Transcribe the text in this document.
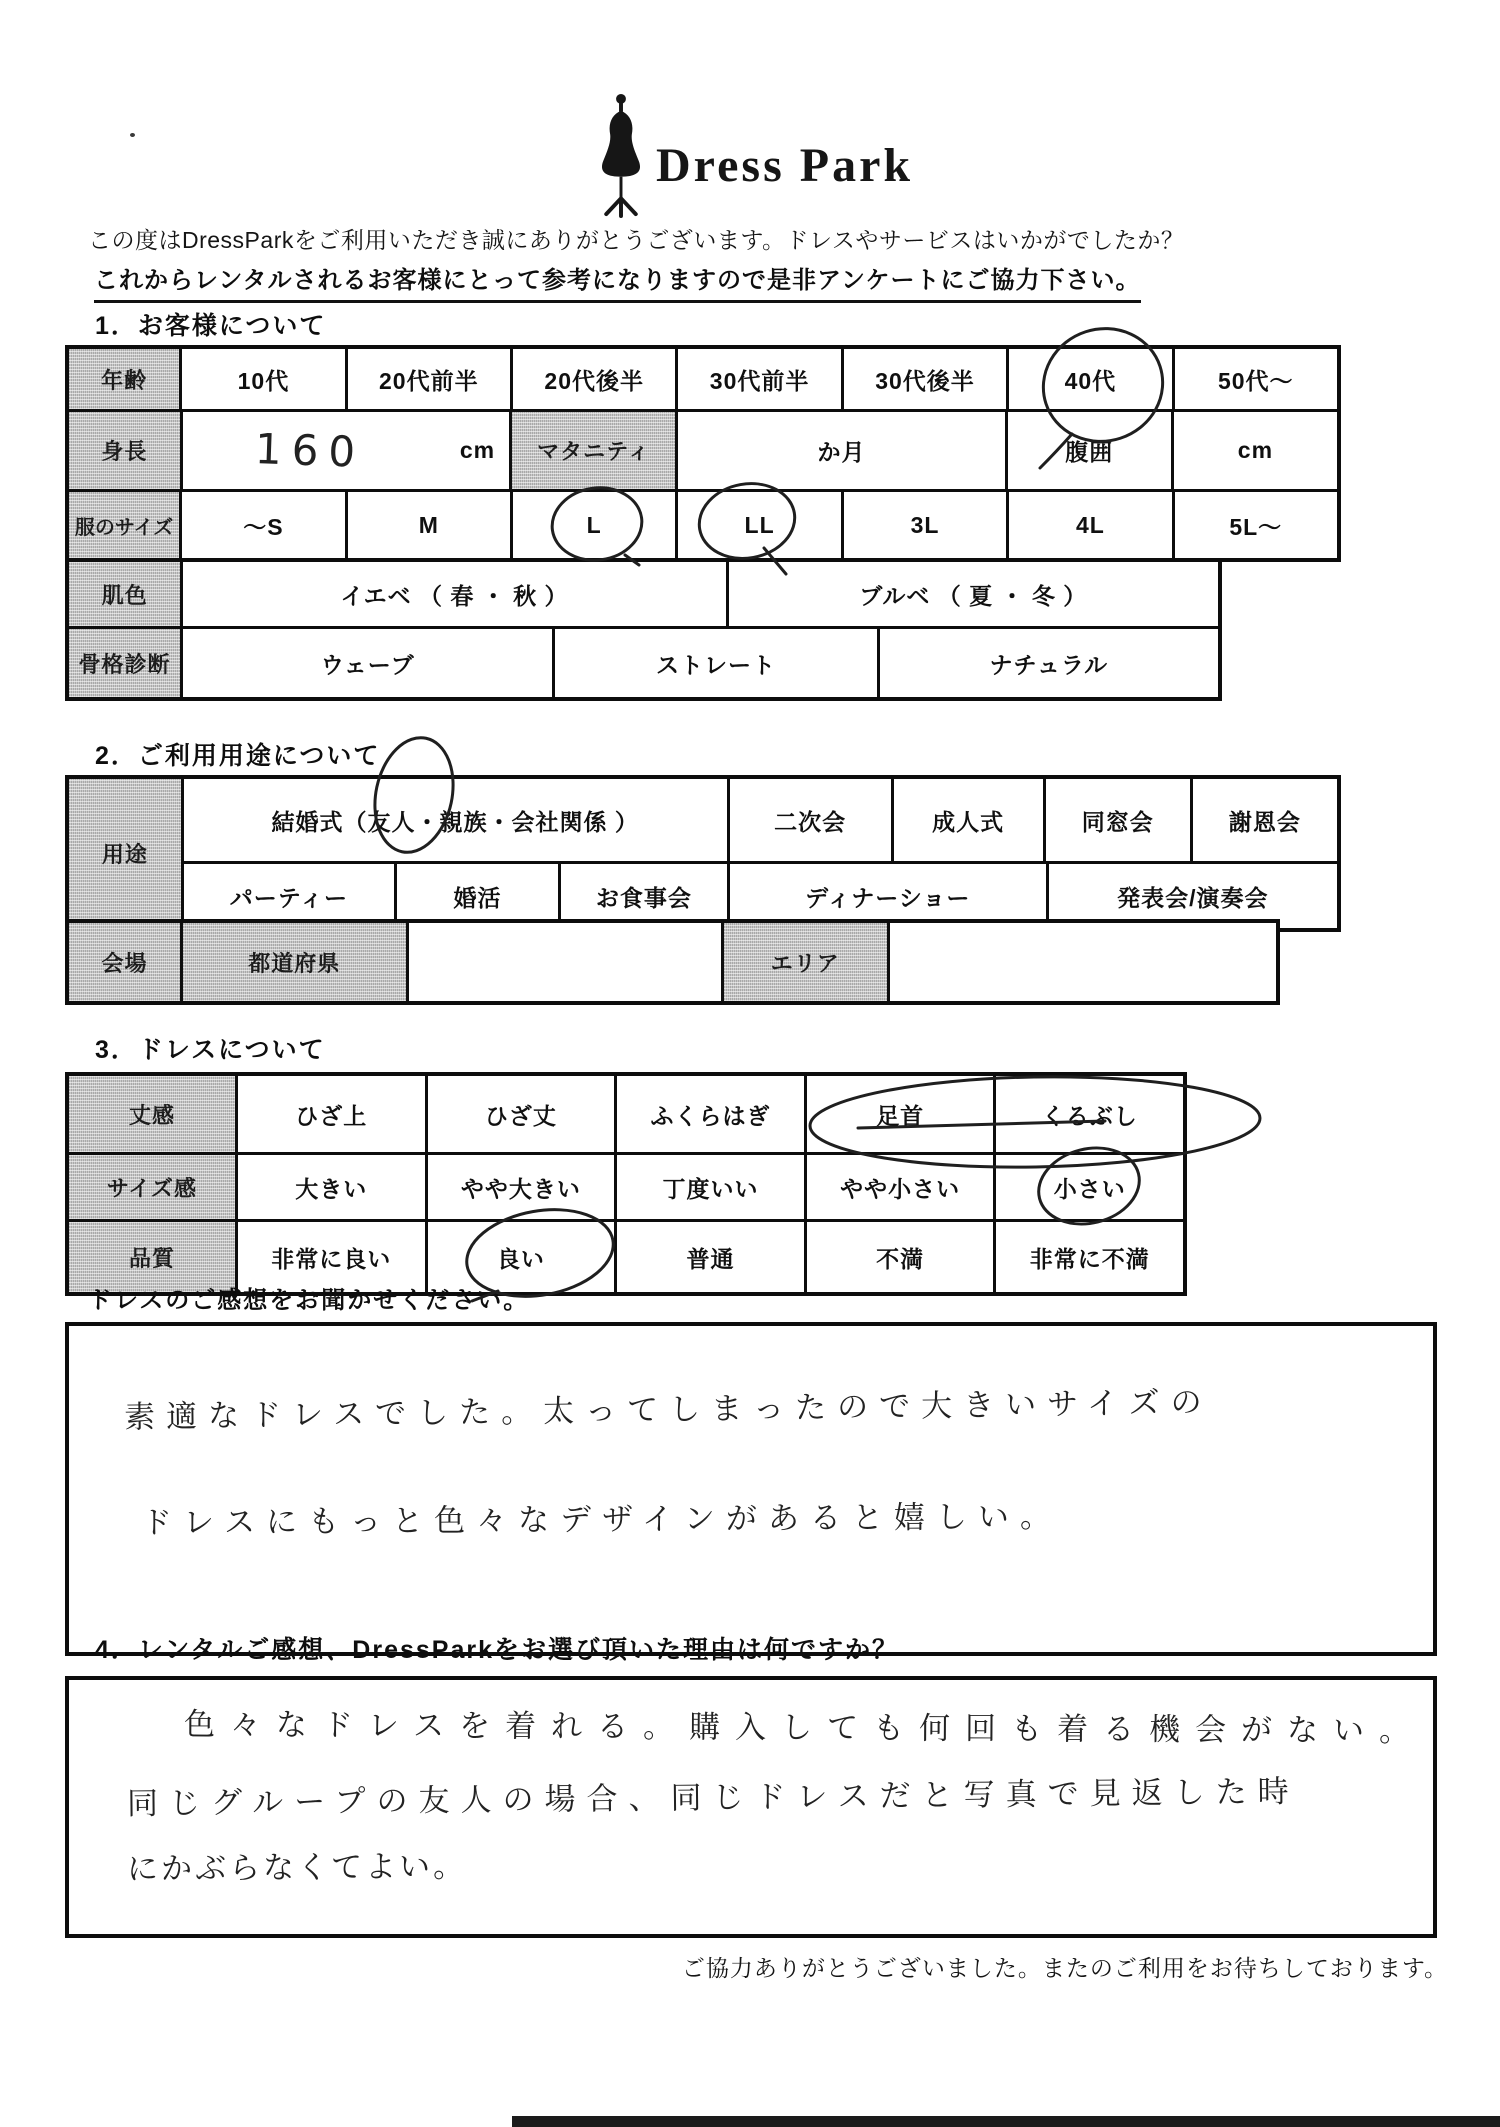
Dress Park
この度はDressParkをご利用いただき誠にありがとうございます。ドレスやサービスはいかがでしたか？
これからレンタルされるお客様にとって参考になりますので是非アンケートにご協力下さい。
1．お客様について
年齢	10代	20代前半	20代後半	30代前半	30代後半	40代	50代～
身長	160	cm	マタニティ	か月	腹囲	cm
服のサイズ	～S	M	L	LL	3L	4L	5L～
肌色	イエベ （ 春 ・ 秋 ）	ブルベ （ 夏 ・ 冬 ）
骨格診断	ウェーブ	ストレート	ナチュラル
2．ご利用用途について
用途
結婚式（ 友人 ・親族・会社関係 ）	二次会	成人式	同窓会	謝恩会
パーティー	婚活	お食事会	ディナーショー	発表会/演奏会
会場	都道府県	エリア
3．ドレスについて
丈感	ひざ上	ひざ丈	ふくらはぎ	足首	くるぶし
サイズ感	大きい	やや大きい	丁度いい	やや小さい	小さい
品質	非常に良い	良い	普通	不満	非常に不満
ドレスのご感想をお聞かせください。
素適なドレスでした。太ってしまったので大きいサイズの
ドレスにもっと色々なデザインがあると嬉しい。
4．レンタルご感想、DressParkをお選び頂いた理由は何ですか？
色々なドレスを着れる。購入しても何回も着る機会がない。
同じグループの友人の場合、同じドレスだと写真で見返した時
にかぶらなくてよい。
ご協力ありがとうございました。またのご利用をお待ちしております。
